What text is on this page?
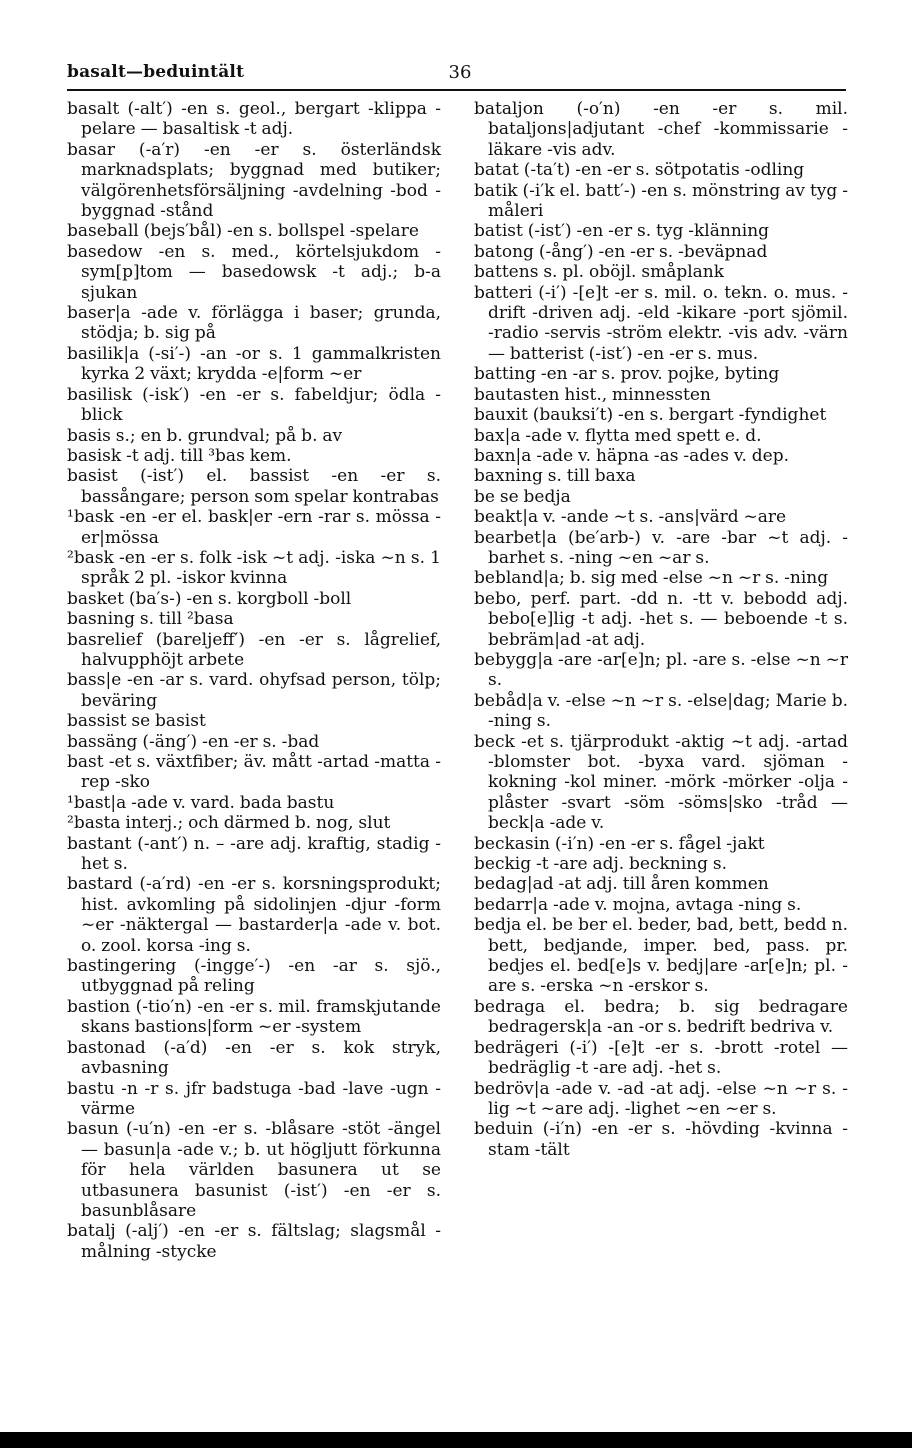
basalt—beduintält	36

basalt (-alt′) -en s. geol., bergart -klippa -pelare — basaltisk -t adj.

basar (-a′r) -en -er s. österländsk marknadsplats; byggnad med butiker; välgörenhetsförsäljning -avdelning -bod -byggnad -stånd

baseball (bejs′bål) -en s. bollspel -spelare

basedow -en s. med., körtelsjukdom -sym[p]tom — basedowsk -t adj.; b-a sjukan

baser|a -ade v. förlägga i baser; grunda, stödja; b. sig på

basilik|a (-si′-) -an -or s. 1 gammalkristen kyrka 2 växt; krydda -e|form ~er

basilisk (-isk′) -en -er s. fabeldjur; ödla -blick

basis s.; en b. grundval; på b. av

basisk -t adj. till ³bas kem.

basist (-ist′) el. bassist -en -er s. bassångare; person som spelar kontrabas

¹bask -en -er el. bask|er -ern -rar s. mössa -er|mössa

²bask -en -er s. folk -isk ~t adj. -iska ~n s. 1 språk 2 pl. -iskor kvinna

basket (ba′s-) -en s. korgboll -boll

basning s. till ²basa

basrelief (bareljeff′) -en -er s. lågrelief, halvupphöjt arbete

bass|e -en -ar s. vard. ohyfsad person, tölp; beväring

bassist se basist

bassäng (-äng′) -en -er s. -bad

bast -et s. växtfiber; äv. mått -artad -matta -rep -sko

¹bast|a -ade v. vard. bada bastu

²basta interj.; och därmed b. nog, slut

bastant (-ant′) n. – -are adj. kraftig, stadig -het s.

bastard (-a′rd) -en -er s. korsningsprodukt; hist. avkomling på sidolinjen -djur -form ~er -näktergal — bastarder|a -ade v. bot. o. zool. korsa -ing s.

bastingering (-ingge′-) -en -ar s. sjö., utbyggnad på reling

bastion (-tio′n) -en -er s. mil. framskjutande skans bastions|form ~er -system

bastonad (-a′d) -en -er s. kok stryk, avbasning

bastu -n -r s. jfr badstuga -bad -lave -ugn -värme

basun (-u′n) -en -er s. -blåsare -stöt -ängel — basun|a -ade v.; b. ut högljutt förkunna för hela världen basunera ut se utbasunera basunist (-ist′) -en -er s. basunblåsare

batalj (-alj′) -en -er s. fältslag; slagsmål -målning -stycke

bataljon (-o′n) -en -er s. mil. bataljons|adjutant -chef -kommissarie -läkare -vis adv.

batat (-ta′t) -en -er s. sötpotatis -odling

batik (-i′k el. batt′-) -en s. mönstring av tyg -måleri

batist (-ist′) -en -er s. tyg -klänning

batong (-ång′) -en -er s. -beväpnad

battens s. pl. oböjl. småplank

batteri (-i′) -[e]t -er s. mil. o. tekn. o. mus. -drift -driven adj. -eld -kikare -port sjömil. -radio -servis -ström elektr. -vis adv. -värn — batterist (-ist′) -en -er s. mus.

batting -en -ar s. prov. pojke, byting

bautasten hist., minnessten

bauxit (bauksi′t) -en s. bergart -fyndighet

bax|a -ade v. flytta med spett e. d.

baxn|a -ade v. häpna -as -ades v. dep.

baxning s. till baxa

be se bedja

beakt|a v. -ande ~t s. -ans|värd ~are

bearbet|a (be′arb-) v. -are -bar ~t adj. -barhet s. -ning ~en ~ar s.

bebland|a; b. sig med -else ~n ~r s. -ning

bebo, perf. part. -dd n. -tt v. bebodd adj. bebo[e]lig -t adj. -het s. — beboende -t s. bebräm|ad -at adj.

bebygg|a -are -ar[e]n; pl. -are s. -else ~n ~r s.

bebåd|a v. -else ~n ~r s. -else|dag; Marie b. -ning s.

beck -et s. tjärprodukt -aktig ~t adj. -artad -blomster bot. -byxa vard. sjöman -kokning -kol miner. -mörk -mörker -olja -plåster -svart -söm -söms|sko -tråd — beck|a -ade v.

beckasin (-i′n) -en -er s. fågel -jakt

beckig -t -are adj. beckning s.

bedag|ad -at adj. till åren kommen

bedarr|a -ade v. mojna, avtaga -ning s.

bedja el. be ber el. beder, bad, bett, bedd n. bett, bedjande, imper. bed, pass. pr. bedjes el. bed[e]s v. bedj|are -ar[e]n; pl. -are s. -erska ~n -erskor s.

bedraga el. bedra; b. sig bedragare bedragersk|a -an -or s. bedrift bedriva v.

bedrägeri (-i′) -[e]t -er s. -brott -rotel — bedräglig -t -are adj. -het s.

bedröv|a -ade v. -ad -at adj. -else ~n ~r s. -lig ~t ~are adj. -lighet ~en ~er s.

beduin (-i′n) -en -er s. -hövding -kvinna -stam -tält
